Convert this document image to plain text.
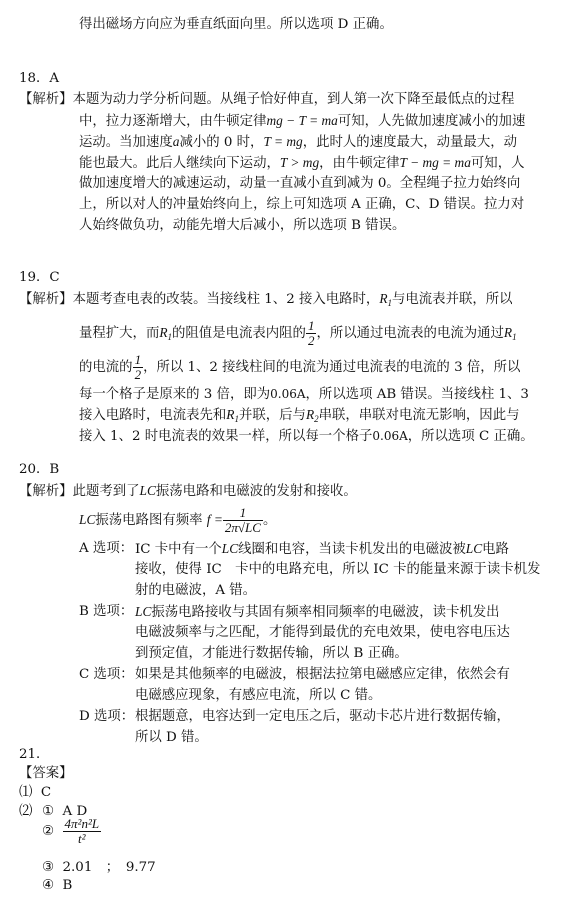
得出磁场方向应为垂直纸面向里。所以选项 D 正确。
18．A
【解析】本题为动力学分析问题。从绳子恰好伸直，到人第一次下降至最低点的过程
中，拉力逐渐增大，由牛顿定律mg − T = ma可知，人先做加速度减小的加速
运动。当加速度a减小的 0 时，T = mg，此时人的速度最大，动量最大，动
能也最大。此后人继续向下运动，T > mg，由牛顿定律T − mg = ma可知，人
做加速度增大的减速运动，动量一直减小直到减为 0。全程绳子拉力始终向
上，所以对人的冲量始终向上，综上可知选项 A 正确，C、D 错误。拉力对
人始终做负功，动能先增大后减小，所以选项 B 错误。
19．C
【解析】本题考查电表的改装。当接线柱 1、2 接入电路时，$R_1$与电流表并联，所以
量程扩大，而$R_1$的阻值是电流表内阻的 $\frac{1}{2}$ ，所以通过电流表的电流为通过$R_1$
的电流的 $\frac{1}{2}$ ，所以 1、2 接线柱间的电流为通过电流表的电流的 3 倍，所以
每一个格子是原来的 3 倍，即为0.06A，所以选项 AB 错误。当接线柱 1、3
接入电路时，电流表先和$R_1$并联，后与$R_2$串联，串联对电流无影响，因此与
接入 1、2 时电流表的效果一样，所以每一个格子0.06A，所以选项 C 正确。
20．B
【解析】此题考到了LC振荡电路和电磁波的发射和接收。
LC振荡电路图有频率 $f = \frac{1}{2\pi√LC}$ 。
A 选项： IC 卡中有一个LC线圈和电容，当读卡机发出的电磁波被LC电路
接收，使得 IC　卡中的电路充电，所以 IC 卡的能量来源于读卡机发
射的电磁波，A 错。
B 选项： LC振荡电路接收与其固有频率相同频率的电磁波，读卡机发出
电磁波频率与之匹配，才能得到最优的充电效果，使电容电压达
到预定值，才能进行数据传输，所以 B 正确。
C 选项： 如果是其他频率的电磁波，根据法拉第电磁感应定律，依然会有
电磁感应现象，有感应电流，所以 C 错。
D 选项： 根据题意，电容达到一定电压之后，驱动卡芯片进行数据传输，
所以 D 错。
21．
【答案】
⑴ C
⑵ ① A D
② $\frac{\text{4π²n²L}}{\text{t²}}$
③ 2.01　；　9.77
④ B
